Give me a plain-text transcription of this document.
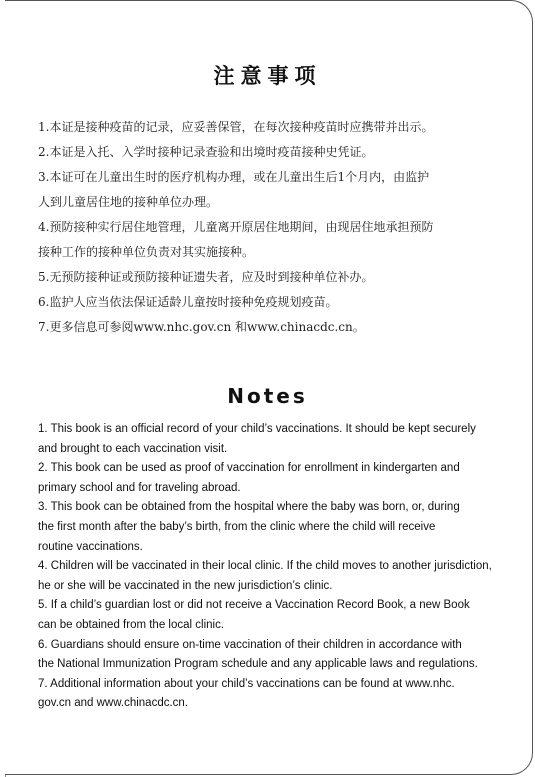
注意事项
1.本证是接种疫苗的记录，应妥善保管，在每次接种疫苗时应携带并出示。
2.本证是入托、入学时接种记录查验和出境时疫苗接种史凭证。
3.本证可在儿童出生时的医疗机构办理，或在儿童出生后1个月内，由监护
人到儿童居住地的接种单位办理。
4.预防接种实行居住地管理，儿童离开原居住地期间，由现居住地承担预防
接种工作的接种单位负责对其实施接种。
5.无预防接种证或预防接种证遗失者，应及时到接种单位补办。
6.监护人应当依法保证适龄儿童按时接种免疫规划疫苗。
7.更多信息可参阅www.nhc.gov.cn 和www.chinacdc.cn。
Notes
1. This book is an official record of your child’s vaccinations. It should be kept securely
and brought to each vaccination visit.
2. This book can be used as proof of vaccination for enrollment in kindergarten and
primary school and for traveling abroad.
3. This book can be obtained from the hospital where the baby was born, or, during
the first month after the baby’s birth, from the clinic where the child will receive
routine vaccinations.
4. Children will be vaccinated in their local clinic. If the child moves to another jurisdiction,
he or she will be vaccinated in the new jurisdiction’s clinic.
5. If a child’s guardian lost or did not receive a Vaccination Record Book, a new Book
can be obtained from the local clinic.
6. Guardians should ensure on-time vaccination of their children in accordance with
the National Immunization Program schedule and any applicable laws and regulations.
7. Additional information about your child’s vaccinations can be found at www.nhc.
gov.cn and www.chinacdc.cn.
